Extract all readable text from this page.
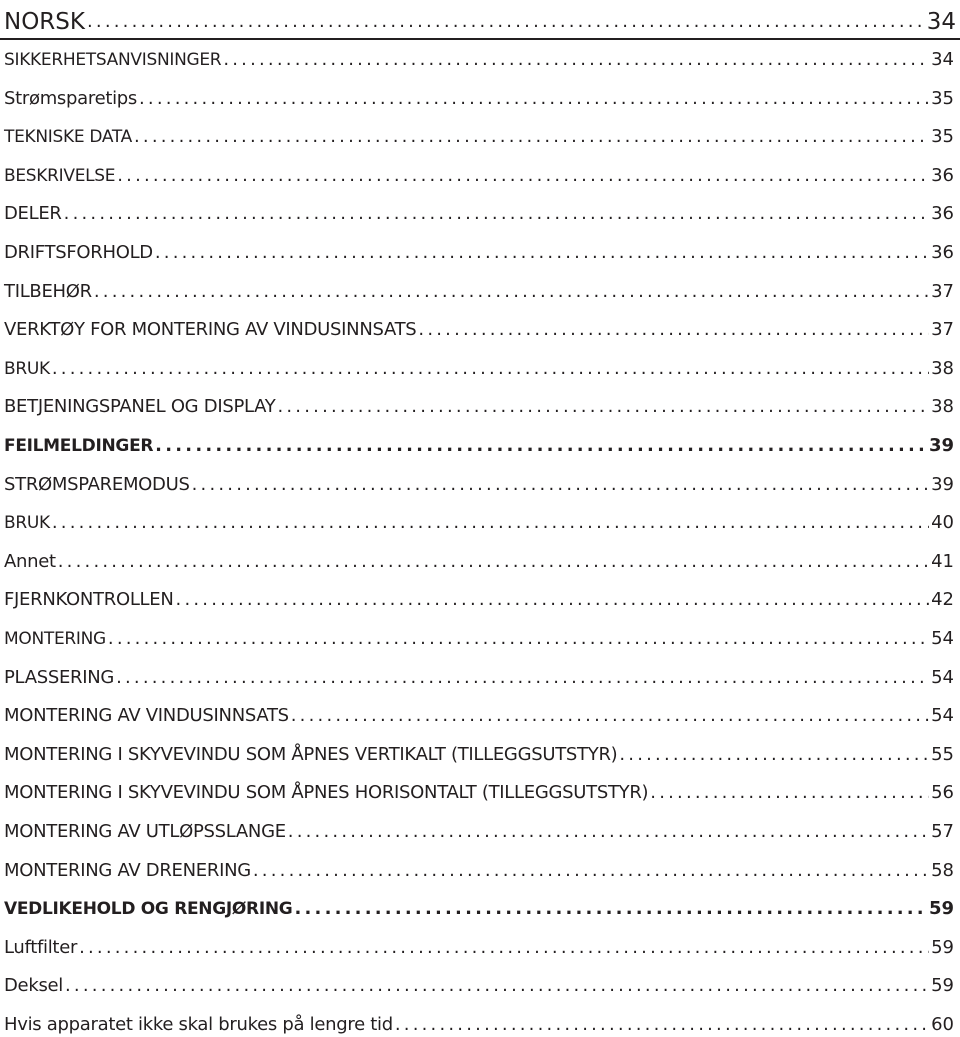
NORSK .....	34
SIKKERHETSANVISNINGER .....	34
Strømsparetips .....	35
TEKNISKE DATA .....	35
BESKRIVELSE .....	36
DELER .....	36
DRIFTSFORHOLD .....	36
TILBEHØR .....	37
VERKTØY FOR MONTERING AV VINDUSINNSATS .....	37
BRUK .....	38
BETJENINGSPANEL OG DISPLAY .....	38
FEILMELDINGER .....	39
STRØMSPAREMODUS .....	39
BRUK .....	40
Annet .....	41
FJERNKONTROLLEN .....	42
MONTERING .....	54
PLASSERING .....	54
MONTERING AV VINDUSINNSATS .....	54
MONTERING I SKYVEVINDU SOM ÅPNES VERTIKALT (TILLEGGSUTSTYR) .....	55
MONTERING I SKYVEVINDU SOM ÅPNES HORISONTALT (TILLEGGSUTSTYR) .....	56
MONTERING AV UTLØPSSLANGE .....	57
MONTERING AV DRENERING .....	58
VEDLIKEHOLD OG RENGJØRING .....	59
Luftfilter .....	59
Deksel .....	59
Hvis apparatet ikke skal brukes på lengre tid .....	60
